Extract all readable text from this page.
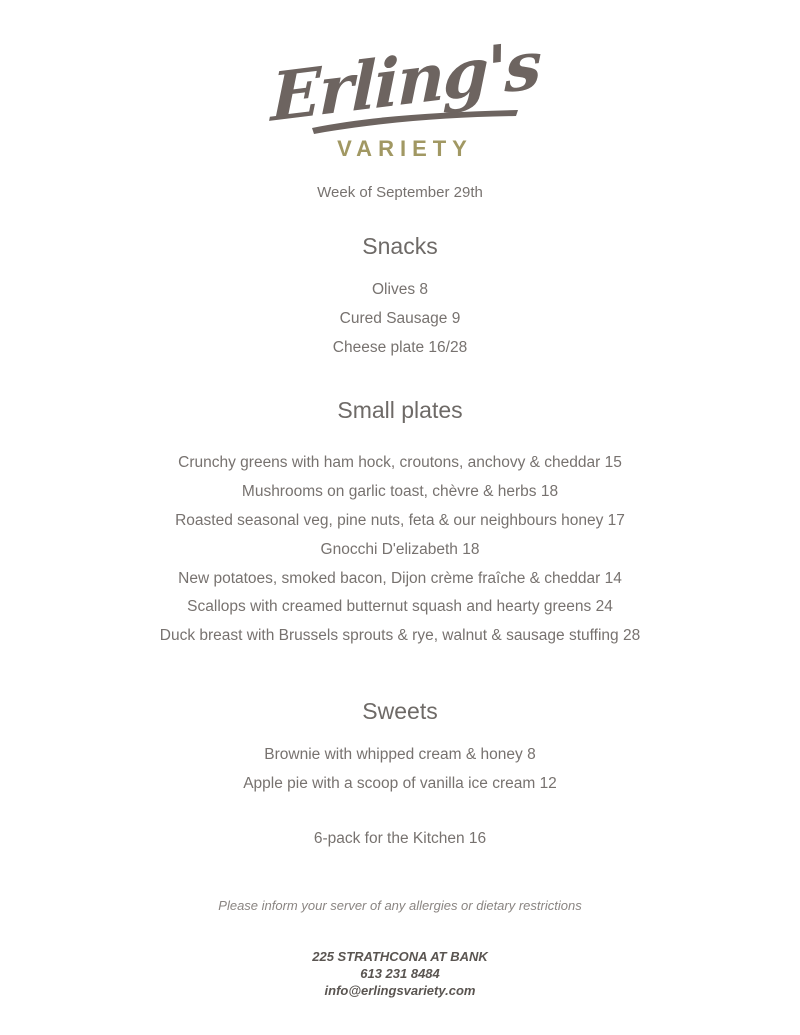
Erling's
VARIETY
Week of September 29th
Snacks
Olives 8
Cured Sausage 9
Cheese plate 16/28
Small plates
Crunchy greens with ham hock, croutons, anchovy & cheddar 15
Mushrooms on garlic toast, chèvre & herbs 18
Roasted seasonal veg, pine nuts, feta & our neighbours honey 17
Gnocchi D'elizabeth 18
New potatoes, smoked bacon, Dijon crème fraîche & cheddar 14
Scallops with creamed butternut squash and hearty greens 24
Duck breast with Brussels sprouts & rye, walnut & sausage stuffing 28
Sweets
Brownie with whipped cream & honey 8
Apple pie with a scoop of vanilla ice cream 12
6-pack for the Kitchen 16
Please inform your server of any allergies or dietary restrictions
225 STRATHCONA AT BANK
613 231 8484
info@erlingsvariety.com
